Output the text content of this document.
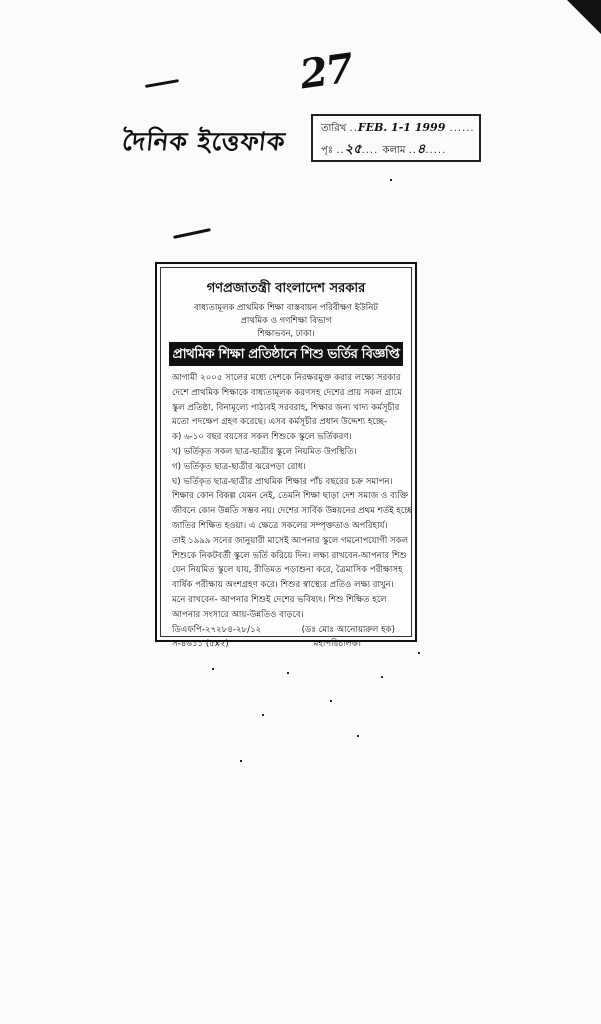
27
দৈনিক ইত্তেফাক	তারিখ ..FEB. 1-1 1999 ......
পৃঃ ..২৫.... কলাম ..৪.....
গণপ্রজাতন্ত্রী বাংলাদেশ সরকার
বাধ্যতামূলক প্রাথমিক শিক্ষা বাস্তবায়ন পরিবীক্ষণ ইউনিট
প্রাথমিক ও গণশিক্ষা বিভাগ
শিক্ষাভবন, ঢাকা।
প্রাথমিক শিক্ষা প্রতিষ্ঠানে শিশু ভর্তির বিজ্ঞপ্তি
আগামী ২০০৫ সালের মধ্যে দেশকে নিরক্ষরমুক্ত করার লক্ষ্যে সরকার
দেশে প্রাথমিক শিক্ষাকে বাধ্যতামূলক করণসহ দেশের প্রায় সকল গ্রামে
স্কুল প্রতিষ্ঠা, বিনামূল্যে পাঠ্যবই সরবরাহ, শিক্ষার জন্য খাদ্য কর্মসূচীর
মতো পদক্ষেপ গ্রহণ করেছে। এসব কর্মসূচীর প্রধান উদ্দেশ্য হচ্ছে-
ক) ৬-১০ বছর বয়সের সকল শিশুকে স্কুলে ভর্তিকরণ।
খ) ভর্তিকৃত সকল ছাত্র-ছাত্রীর স্কুলে নিয়মিত উপস্থিতি।
গ) ভর্তিকৃত ছাত্র-ছাত্রীর ঝরেপড়া রোধ।
ঘ) ভর্তিকৃত ছাত্র-ছাত্রীর প্রাথমিক শিক্ষার পাঁচ বছরের চক্র সমাপন।
শিক্ষার কোন বিকল্প যেমন নেই, তেমনি শিক্ষা ছাড়া দেশ সমাজ ও ব্যক্তি
জীবনে কোন উন্নতি সম্ভব নয়। দেশের সার্বিক উন্নয়নের প্রথম শর্তই হচ্ছে
জাতির শিক্ষিত হওয়া। এ ক্ষেত্রে সকলের সম্পৃক্ততাও অপরিহার্য।
তাই ১৯৯৯ সনের জানুয়ারী মাসেই আপনার স্কুলে গমনোপযোগী সকল
শিশুকে নিকটবর্তী স্কুলে ভর্তি করিয়ে দিন। লক্ষ্য রাখবেন-আপনার শিশু
যেন নিয়মিত স্কুলে যায়, রীতিমত পড়াশুনা করে, ত্রৈমাসিক পরীক্ষাসহ
বার্ষিক পরীক্ষায় অংশগ্রহণ করে। শিশুর স্বাস্থ্যের প্রতিও লক্ষ্য রাখুন।
মনে রাখবেন- আপনার শিশুই দেশের ভবিষ্যৎ। শিশু শিক্ষিত হলে
আপনার সংসারে আয়-উন্নতিও বাড়বে।
ডিএফপি-২৭২৮৪-২৮/১২	(ডঃ মোঃ আনোয়ারুল হক)
স-৪৬১১ (৫x২)	মহাপরিচালক।
